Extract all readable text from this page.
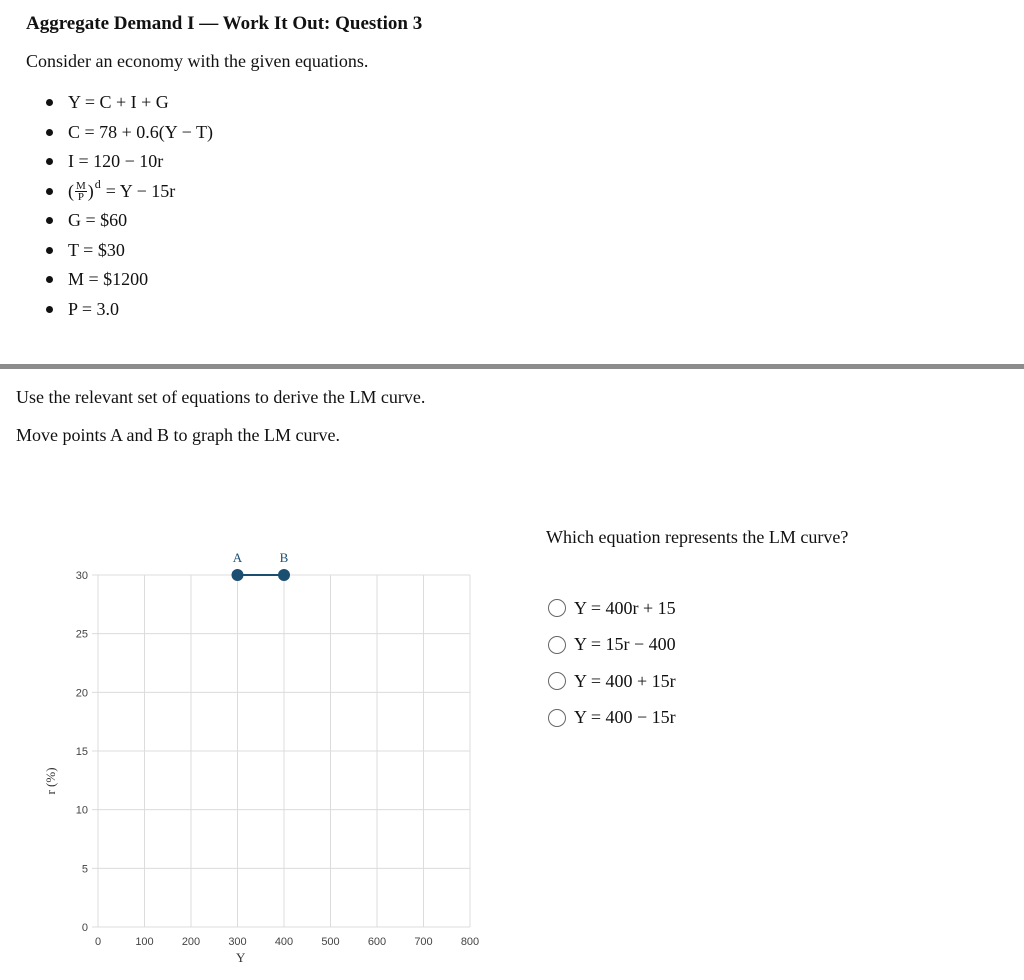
Aggregate Demand I — Work It Out: Question 3

Consider an economy with the given equations.

Y = C + I + G
C = 78 + 0.6(Y − T)
I = 120 − 10r
( $\frac{M}{P}$ ) d = Y − 15r
G = $60
T = $30
M = $1200
P = 3.0

Use the relevant set of equations to derive the LM curve.

Move points A and B to graph the LM curve.

0	100	200	300	400	500	600	700	800
0
5
10
15
20
25
30
Y
r (%)
A	B

Which equation represents the LM curve?

Y = 400r + 15
Y = 15r − 400
Y = 400 + 15r
Y = 400 − 15r
